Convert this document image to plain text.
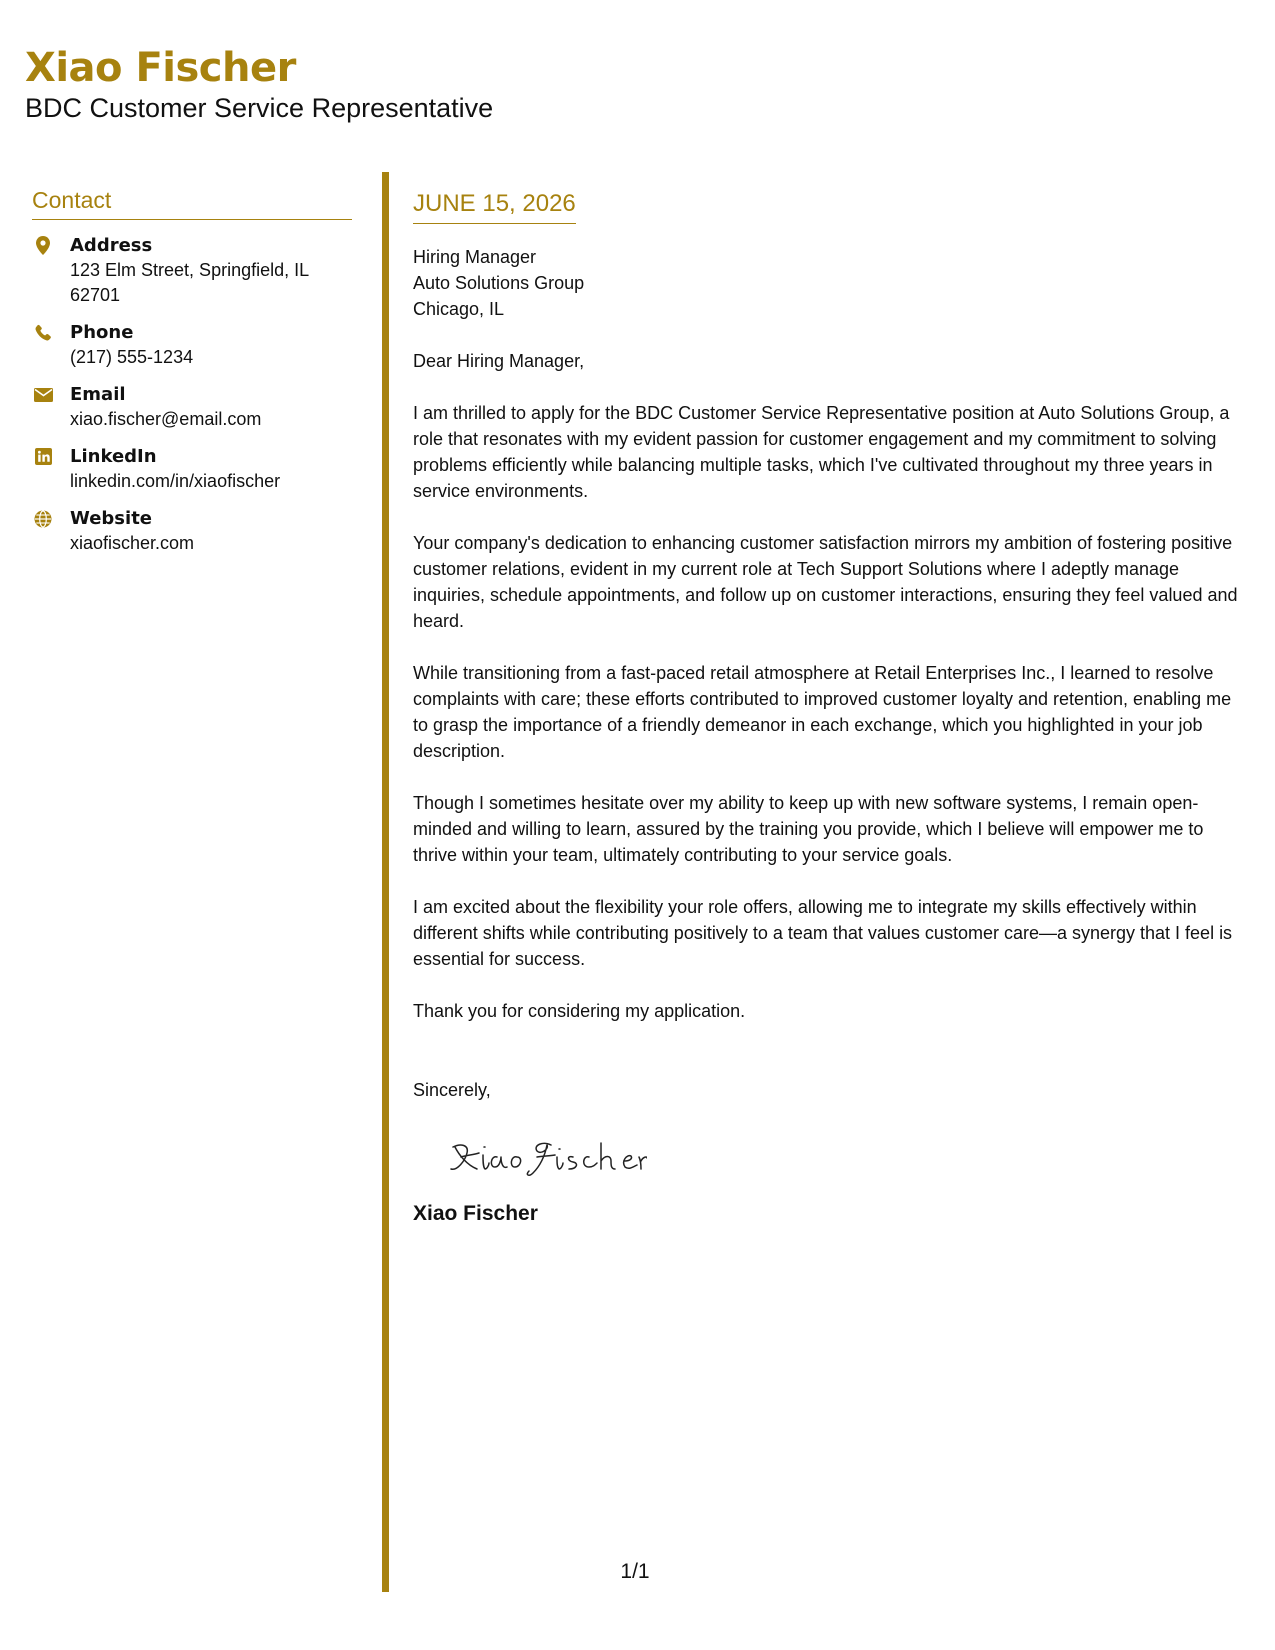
Xiao Fischer
BDC Customer Service Representative
Contact
Address
123 Elm Street, Springfield, IL 62701
Phone
(217) 555-1234
Email
xiao.fischer@email.com
LinkedIn
linkedin.com/in/xiaofischer
Website
xiaofischer.com
JUNE 15, 2026
Hiring Manager
Auto Solutions Group
Chicago, IL
Dear Hiring Manager,
I am thrilled to apply for the BDC Customer Service Representative position at Auto Solutions Group, a role that resonates with my evident passion for customer engagement and my commitment to solving problems efficiently while balancing multiple tasks, which I've cultivated throughout my three years in service environments.
Your company's dedication to enhancing customer satisfaction mirrors my ambition of fostering positive customer relations, evident in my current role at Tech Support Solutions where I adeptly manage inquiries, schedule appointments, and follow up on customer interactions, ensuring they feel valued and heard.
While transitioning from a fast-paced retail atmosphere at Retail Enterprises Inc., I learned to resolve complaints with care; these efforts contributed to improved customer loyalty and retention, enabling me to grasp the importance of a friendly demeanor in each exchange, which you highlighted in your job description.
Though I sometimes hesitate over my ability to keep up with new software systems, I remain open-minded and willing to learn, assured by the training you provide, which I believe will empower me to thrive within your team, ultimately contributing to your service goals.
I am excited about the flexibility your role offers, allowing me to integrate my skills effectively within different shifts while contributing positively to a team that values customer care—a synergy that I feel is essential for success.
Thank you for considering my application.
Sincerely,
Xiao Fischer
1/1
